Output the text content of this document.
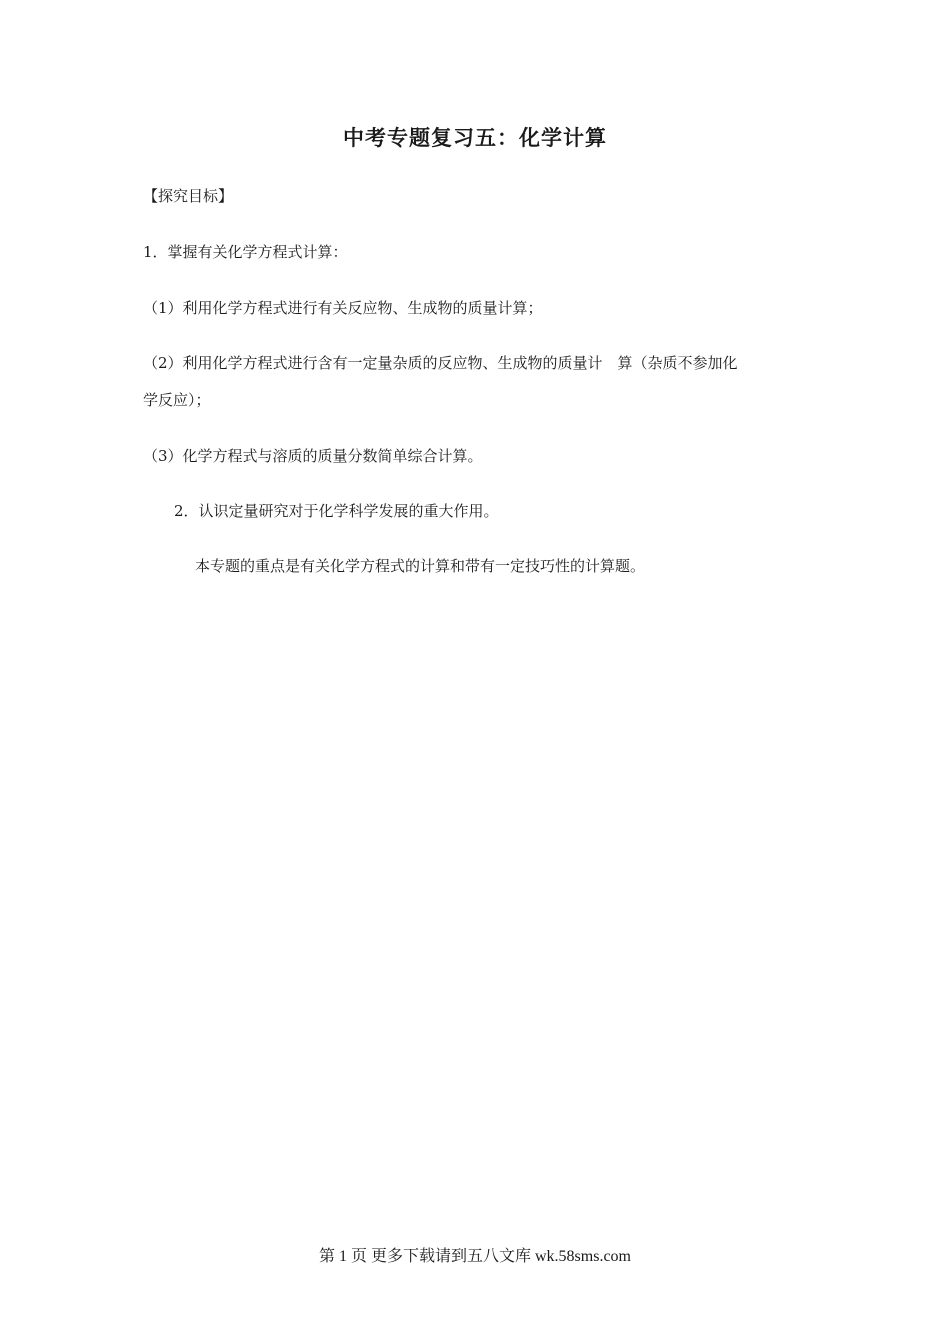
中考专题复习五：化学计算
【探究目标】
1．掌握有关化学方程式计算：
（1）利用化学方程式进行有关反应物、生成物的质量计算；
（2）利用化学方程式进行含有一定量杂质的反应物、生成物的质量计　算（杂质不参加化
学反应）；
（3）化学方程式与溶质的质量分数简单综合计算。
2．认识定量研究对于化学科学发展的重大作用。
本专题的重点是有关化学方程式的计算和带有一定技巧性的计算题。
第 1 页 更多下载请到五八文库 wk.58sms.com
